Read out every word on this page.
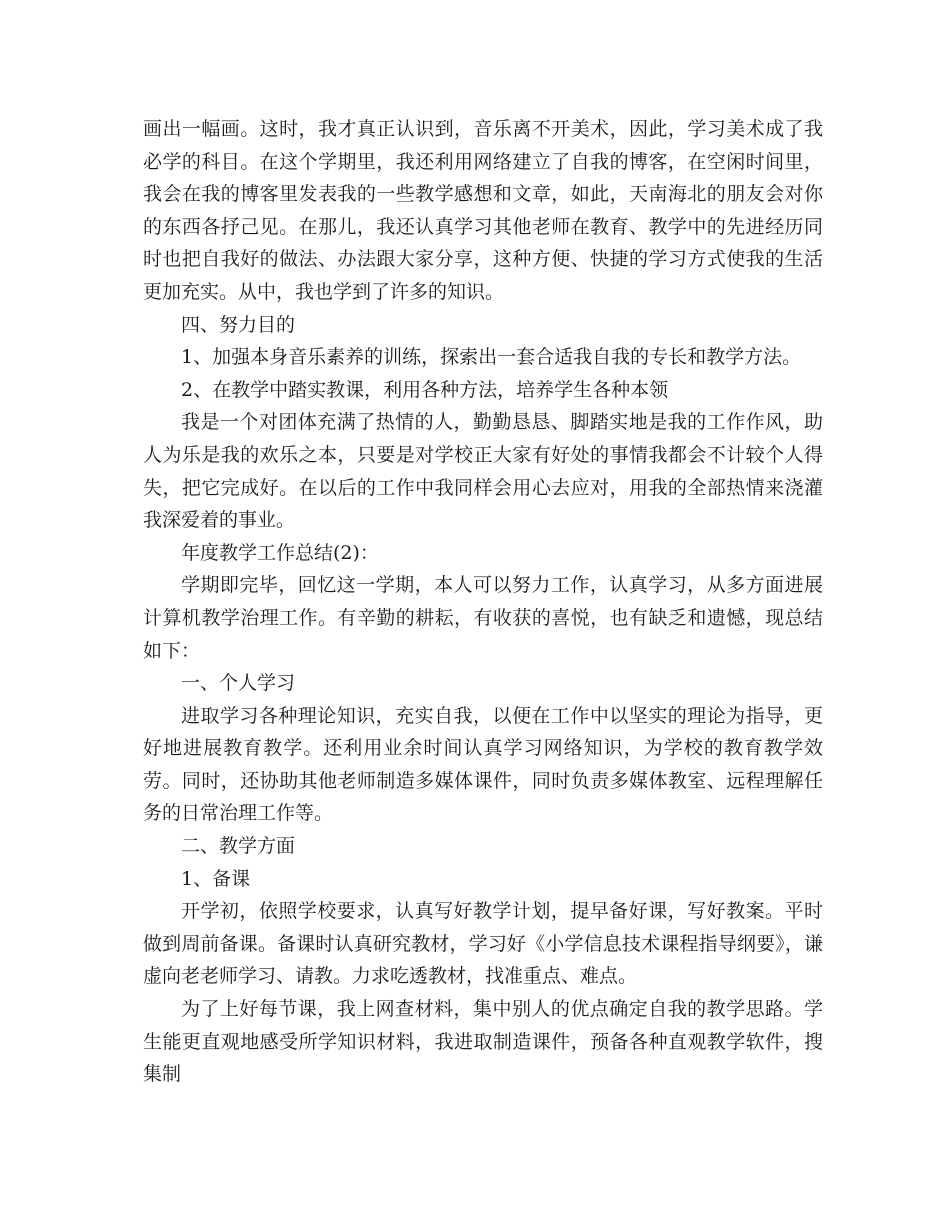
画出一幅画。这时，我才真正认识到，音乐离不开美术，因此，学习美术成了我必学的科目。在这个学期里，我还利用网络建立了自我的博客，在空闲时间里，我会在我的博客里发表我的一些教学感想和文章，如此，天南海北的朋友会对你的东西各抒己见。在那儿，我还认真学习其他老师在教育、教学中的先进经历同时也把自我好的做法、办法跟大家分享，这种方便、快捷的学习方式使我的生活更加充实。从中，我也学到了许多的知识。

四、努力目的

1、加强本身音乐素养的训练，探索出一套合适我自我的专长和教学方法。

2、在教学中踏实教课，利用各种方法，培养学生各种本领

我是一个对团体充满了热情的人，勤勤恳恳、脚踏实地是我的工作作风，助人为乐是我的欢乐之本，只要是对学校正大家有好处的事情我都会不计较个人得失，把它完成好。在以后的工作中我同样会用心去应对，用我的全部热情来浇灌我深爱着的事业。

年度教学工作总结(2)：

学期即完毕，回忆这一学期，本人可以努力工作，认真学习，从多方面进展计算机教学治理工作。有辛勤的耕耘，有收获的喜悦，也有缺乏和遗憾，现总结如下：

一、个人学习

进取学习各种理论知识，充实自我，以便在工作中以坚实的理论为指导，更好地进展教育教学。还利用业余时间认真学习网络知识，为学校的教育教学效劳。同时，还协助其他老师制造多媒体课件，同时负责多媒体教室、远程理解任务的日常治理工作等。

二、教学方面

1、备课

开学初，依照学校要求，认真写好教学计划，提早备好课，写好教案。平时做到周前备课。备课时认真研究教材，学习好《小学信息技术课程指导纲要》，谦虚向老老师学习、请教。力求吃透教材，找准重点、难点。

为了上好每节课，我上网查材料，集中别人的优点确定自我的教学思路。学生能更直观地感受所学知识材料，我进取制造课件，预备各种直观教学软件，搜集制
